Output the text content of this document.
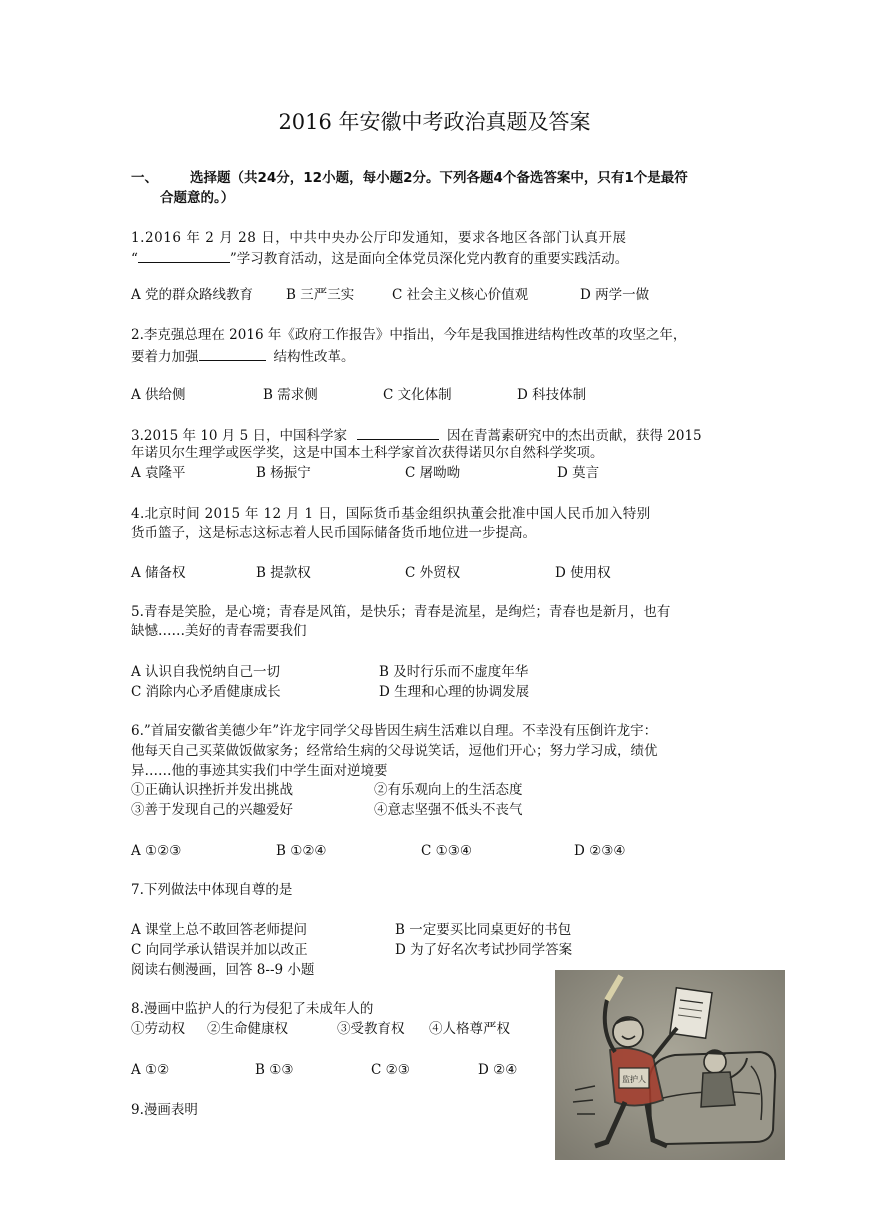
2016 年安徽中考政治真题及答案
一、 选择题（共24分，12小题，每小题2分。下列各题4个备选答案中，只有1个是最符
合题意的。）
1.2016 年 2 月 28 日，中共中央办公厅印发通知，要求各地区各部门认真开展
“	”学习教育活动，这是面向全体党员深化党内教育的重要实践活动。
A 党的群众路线教育 B 三严三实	C 社会主义核心价值观	D 两学一做
2.李克强总理在 2016 年《政府工作报告》中指出，今年是我国推进结构性改革的攻坚之年，
要着力加强	结构性改革。
A 供给侧	B 需求侧	C 文化体制	D 科技体制
3.2015 年 10 月 5 日，中国科学家	因在青蒿素研究中的杰出贡献，获得 2015
年诺贝尔生理学或医学奖，这是中国本土科学家首次获得诺贝尔自然科学奖项。
A 袁隆平	B 杨振宁	C 屠呦呦	D 莫言
4.北京时间 2015 年 12 月 1 日，国际货币基金组织执董会批准中国人民币加入特别
货币篮子，这是标志这标志着人民币国际储备货币地位进一步提高。
A 储备权	B 提款权	C 外贸权	D 使用权
5.青春是笑脸，是心境；青春是风笛，是快乐；青春是流星，是绚烂；青春也是新月，也有
缺憾……美好的青春需要我们
A 认识自我悦纳自己一切	B 及时行乐而不虚度年华
C 消除内心矛盾健康成长	D 生理和心理的协调发展
6.”首届安徽省美德少年”许龙宇同学父母皆因生病生活难以自理。不幸没有压倒许龙宇：
他每天自己买菜做饭做家务；经常给生病的父母说笑话，逗他们开心；努力学习成，绩优
异……他的事迹其实我们中学生面对逆境要
①正确认识挫折并发出挑战	②有乐观向上的生活态度
③善于发现自己的兴趣爱好	④意志坚强不低头不丧气
A ①②③	B ①②④	C ①③④	D ②③④
7.下列做法中体现自尊的是
A 课堂上总不敢回答老师提问	B 一定要买比同桌更好的书包
C 向同学承认错误并加以改正	D 为了好名次考试抄同学答案
阅读右侧漫画，回答 8--9 小题
8.漫画中监护人的行为侵犯了未成年人的
①劳动权 ②生命健康权	③受教育权 ④人格尊严权
A ①②	B ①③	C ②③	D ②④
9.漫画表明
监护人
